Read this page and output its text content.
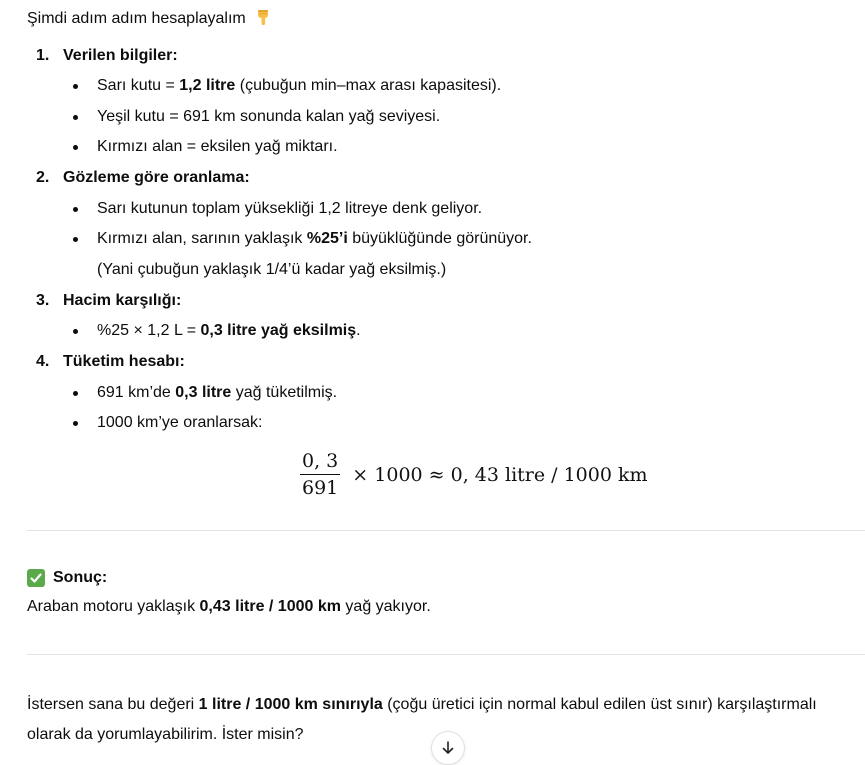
Şimdi adım adım hesaplayalım
1. Verilen bilgiler:
Sarı kutu = 1,2 litre (çubuğun min–max arası kapasitesi).
Yeşil kutu = 691 km sonunda kalan yağ seviyesi.
Kırmızı alan = eksilen yağ miktarı.
2. Gözleme göre oranlama:
Sarı kutunun toplam yüksekliği 1,2 litreye denk geliyor.
Kırmızı alan, sarının yaklaşık %25’i büyüklüğünde görünüyor.
(Yani çubuğun yaklaşık 1/4’ü kadar yağ eksilmiş.)
3. Hacim karşılığı:
%25 × 1,2 L = 0,3 litre yağ eksilmiş.
4. Tüketim hesabı:
691 km’de 0,3 litre yağ tüketilmiş.
1000 km’ye oranlarsak:
$\frac{0, 3}{691} \times 1000 \approx 0$, 43 litre / 1000 km
Sonuç:
Araban motoru yaklaşık 0,43 litre / 1000 km yağ yakıyor.
İstersen sana bu değeri 1 litre / 1000 km sınırıyla (çoğu üretici için normal kabul edilen üst sınır) karşılaştırmalı olarak da yorumlayabilirim. İster misin?
